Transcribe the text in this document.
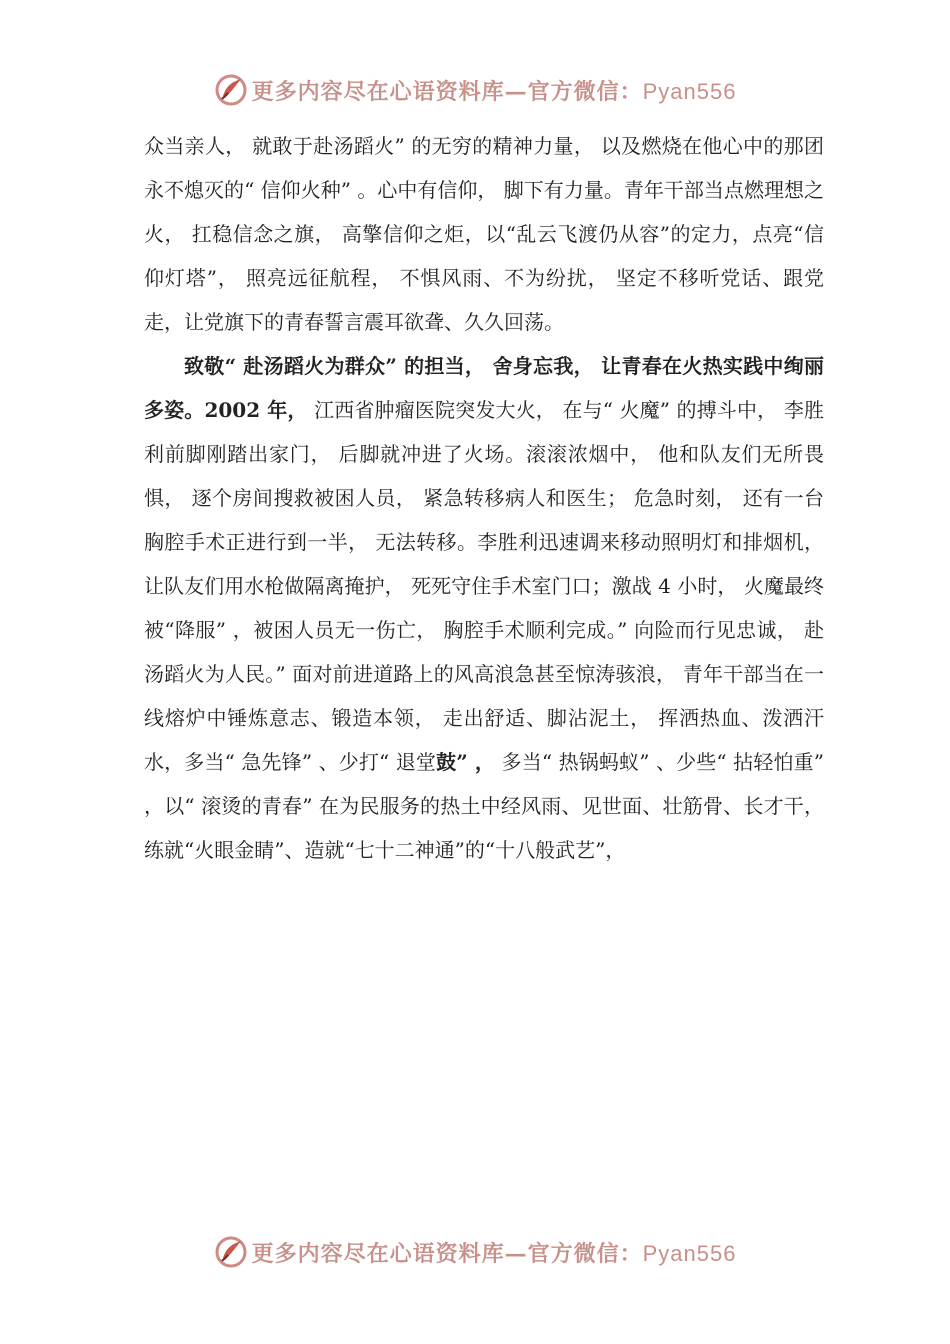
更多内容尽在心语资料库—官方微信：Pyan556

众当亲人， 就敢于赴汤蹈火” 的无穷的精神力量， 以及燃烧在他心中的那团永不熄灭的“ 信仰火种” 。心中有信仰， 脚下有力量。青年干部当点燃理想之火， 扛稳信念之旗， 高擎信仰之炬，以“乱云飞渡仍从容”的定力，点亮“信仰灯塔”， 照亮远征航程， 不惧风雨、不为纷扰， 坚定不移听党话、跟党走，让党旗下的青春誓言震耳欲聋、久久回荡。

致敬“ 赴汤蹈火为群众” 的担当， 舍身忘我， 让青春在火热实践中绚丽多姿。2002 年， 江西省肿瘤医院突发大火， 在与“ 火魔” 的搏斗中， 李胜利前脚刚踏出家门， 后脚就冲进了火场。滚滚浓烟中， 他和队友们无所畏惧， 逐个房间搜救被困人员， 紧急转移病人和医生； 危急时刻， 还有一台胸腔手术正进行到一半， 无法转移。李胜利迅速调来移动照明灯和排烟机， 让队友们用水枪做隔离掩护， 死死守住手术室门口；激战 4 小时， 火魔最终被“降服” ，被困人员无一伤亡， 胸腔手术顺利完成。” 向险而行见忠诚， 赴汤蹈火为人民。” 面对前进道路上的风高浪急甚至惊涛骇浪， 青年干部当在一线熔炉中锤炼意志、锻造本领， 走出舒适、脚沾泥土， 挥洒热血、泼洒汗水，多当“ 急先锋” 、少打“ 退堂鼓” ， 多当“ 热锅蚂蚁” 、少些“ 拈轻怕重” ，以“ 滚烫的青春” 在为民服务的热土中经风雨、见世面、壮筋骨、长才干， 练就“火眼金睛”、造就“七十二神通”的“十八般武艺”，

更多内容尽在心语资料库—官方微信：Pyan556
